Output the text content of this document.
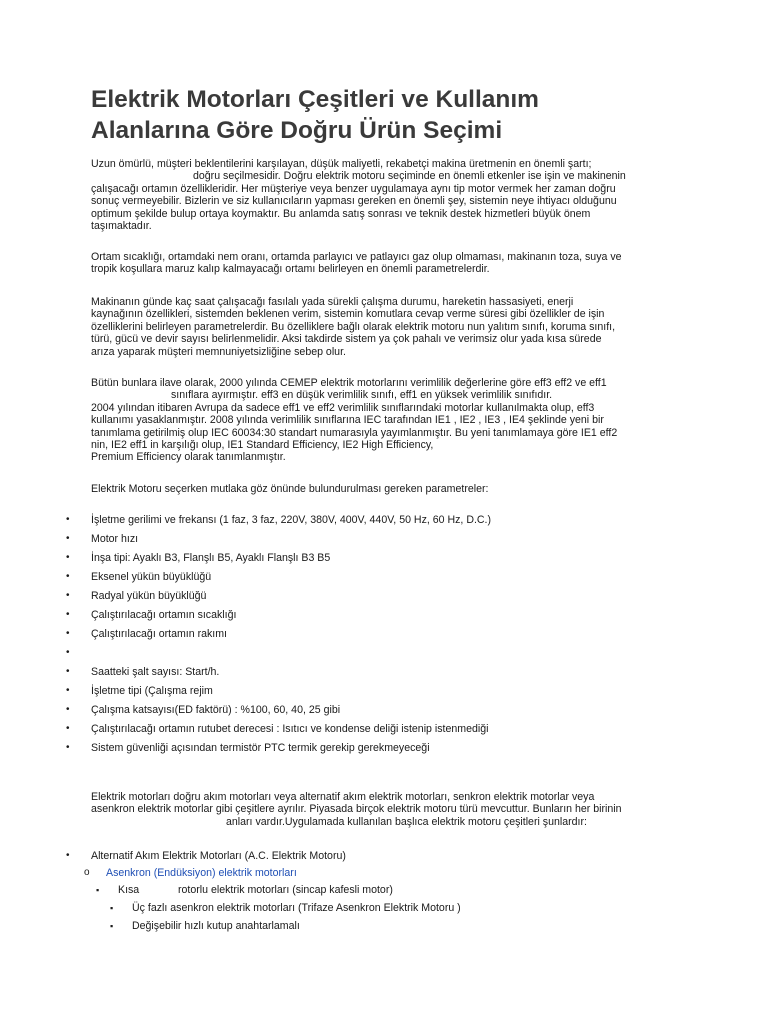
Elektrik Motorları Çeşitleri ve Kullanım
Alanlarına Göre Doğru Ürün Seçimi

Uzun ömürlü, müşteri beklentilerini karşılayan, düşük maliyetli, rekabetçi makina üretmenin en önemli şartı;
doğru seçilmesidir. Doğru elektrik motoru seçiminde en önemli etkenler ise işin ve makinenin
çalışacağı ortamın özellikleridir. Her müşteriye veya benzer uygulamaya aynı tip motor vermek her zaman doğru
sonuç vermeyebilir. Bizlerin ve siz kullanıcıların yapması gereken en önemli şey, sistemin neye ihtiyacı olduğunu
optimum şekilde bulup ortaya koymaktır. Bu anlamda satış sonrası ve teknik destek hizmetleri büyük önem
taşımaktadır.

Ortam sıcaklığı, ortamdaki nem oranı, ortamda parlayıcı ve patlayıcı gaz olup olmaması, makinanın toza, suya ve
tropik koşullara maruz kalıp kalmayacağı ortamı belirleyen en önemli parametrelerdir.

Makinanın günde kaç saat çalışacağı fasılalı yada sürekli çalışma durumu, hareketin hassasiyeti, enerji
kaynağının özellikleri, sistemden beklenen verim, sistemin komutlara cevap verme süresi gibi özellikler de işin
özelliklerini belirleyen parametrelerdir. Bu özelliklere bağlı olarak elektrik motoru nun yalıtım sınıfı, koruma sınıfı,
türü, gücü ve devir sayısı belirlenmelidir. Aksi takdirde sistem ya çok pahalı ve verimsiz olur yada kısa sürede
arıza yaparak müşteri memnuniyetsizliğine sebep olur.

Bütün bunlara ilave olarak, 2000 yılında CEMEP elektrik motorlarını verimlilik değerlerine göre eff3 eff2 ve eff1
sınıflara ayırmıştır. eff3 en düşük verimlilik sınıfı, eff1 en yüksek verimlilik sınıfıdır.
2004 yılından itibaren Avrupa da sadece eff1 ve eff2 verimlilik sınıflarındaki motorlar kullanılmakta olup, eff3
kullanımı yasaklanmıştır. 2008 yılında verimlilik sınıflarına IEC tarafından IE1 , IE2 , IE3 , IE4 şeklinde yeni bir
tanımlama getirilmiş olup IEC 60034:30 standart numarasıyla yayımlanmıştır. Bu yeni tanımlamaya göre IE1 eff2
nin, IE2 eff1 in karşılığı olup, IE1 Standard Efficiency, IE2 High Efficiency,
Premium Efficiency olarak tanımlanmıştır.

Elektrik Motoru seçerken mutlaka göz önünde bulundurulması gereken parametreler:

• İşletme gerilimi ve frekansı (1 faz, 3 faz, 220V, 380V, 400V, 440V, 50 Hz, 60 Hz, D.C.)
• Motor hızı
• İnşa tipi: Ayaklı B3, Flanşlı B5, Ayaklı Flanşlı B3 B5
• Eksenel yükün büyüklüğü
• Radyal yükün büyüklüğü
• Çalıştırılacağı ortamın sıcaklığı
• Çalıştırılacağı ortamın rakımı
•
• Saatteki şalt sayısı: Start/h.
• İşletme tipi (Çalışma rejim
• Çalışma katsayısı(ED faktörü) : %100, 60, 40, 25 gibi
• Çalıştırılacağı ortamın rutubet derecesi : Isıtıcı ve kondense deliği istenip istenmediği
• Sistem güvenliği açısından termistör PTC termik gerekip gerekmeyeceği

Elektrik motorları doğru akım motorları veya alternatif akım elektrik motorları, senkron elektrik motorlar veya
asenkron elektrik motorlar gibi çeşitlere ayrılır. Piyasada birçok elektrik motoru türü mevcuttur. Bunların her birinin
anları vardır.Uygulamada kullanılan başlıca elektrik motoru çeşitleri şunlardır:

• Alternatif Akım Elektrik Motorları (A.C. Elektrik Motoru)
o Asenkron (Endüksiyon) elektrik motorları
▪ Kısa	rotorlu elektrik motorları (sincap kafesli motor)
▪ Üç fazlı asenkron elektrik motorları (Trifaze Asenkron Elektrik Motoru )
▪ Değişebilir hızlı kutup anahtarlamalı
